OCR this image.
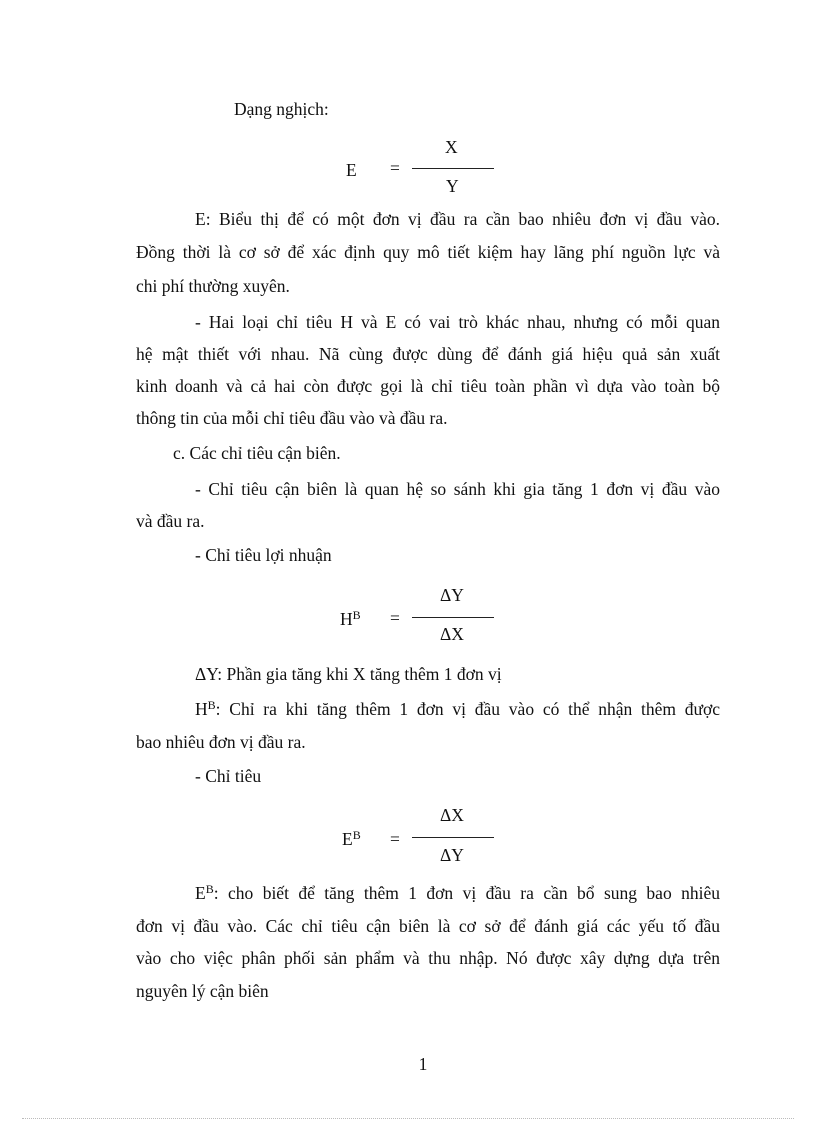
Dạng nghịch:
E =
X
Y
E: Biểu thị để có một đơn vị đầu ra cần bao nhiêu đơn vị đầu vào.
Đồng thời là cơ sở để xác định quy mô tiết kiệm hay lãng phí nguồn lực và
chi phí thường xuyên.
- Hai loại chỉ tiêu H và E có vai trò khác nhau, nhưng có mỗi quan
hệ mật thiết với nhau. Nã cùng được dùng để đánh giá hiệu quả sản xuất
kinh doanh và cả hai còn được gọi là chỉ tiêu toàn phần vì dựa vào toàn bộ
thông tin của mỗi chỉ tiêu đầu vào và đầu ra.
c. Các chỉ tiêu cận biên.
- Chỉ tiêu cận biên là quan hệ so sánh khi gia tăng 1 đơn vị đầu vào
và đầu ra.
- Chỉ tiêu lợi nhuận
$H^B$ =
ΔY
ΔX
ΔY: Phần gia tăng khi X tăng thêm 1 đơn vị
$H^B$: Chỉ ra khi tăng thêm 1 đơn vị đầu vào có thể nhận thêm được
bao nhiêu đơn vị đầu ra.
- Chỉ tiêu
$E^B$ =
ΔX
ΔY
$E^B$: cho biết để tăng thêm 1 đơn vị đầu ra cần bổ sung bao nhiêu
đơn vị đầu vào. Các chỉ tiêu cận biên là cơ sở để đánh giá các yếu tố đầu
vào cho việc phân phối sản phẩm và thu nhập. Nó được xây dựng dựa trên
nguyên lý cận biên
1
